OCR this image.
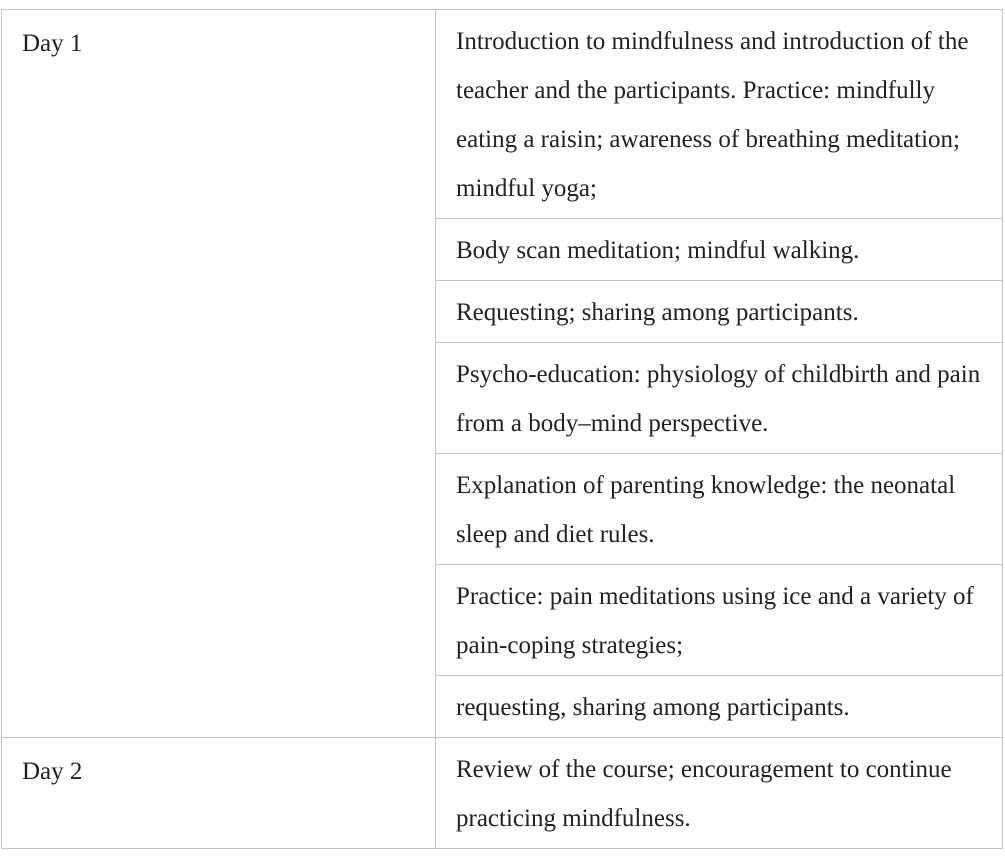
Day 1	Introduction to mindfulness and introduction of the teacher and the participants. Practice: mindfully eating a raisin; awareness of breathing meditation; mindful yoga;

	Body scan meditation; mindful walking.

	Requesting; sharing among participants.

	Psycho-education: physiology of childbirth and pain from a body–mind perspective.

	Explanation of parenting knowledge: the neonatal sleep and diet rules.

	Practice: pain meditations using ice and a variety of pain-coping strategies;

	requesting, sharing among participants.

Day 2	Review of the course; encouragement to continue practicing mindfulness.
